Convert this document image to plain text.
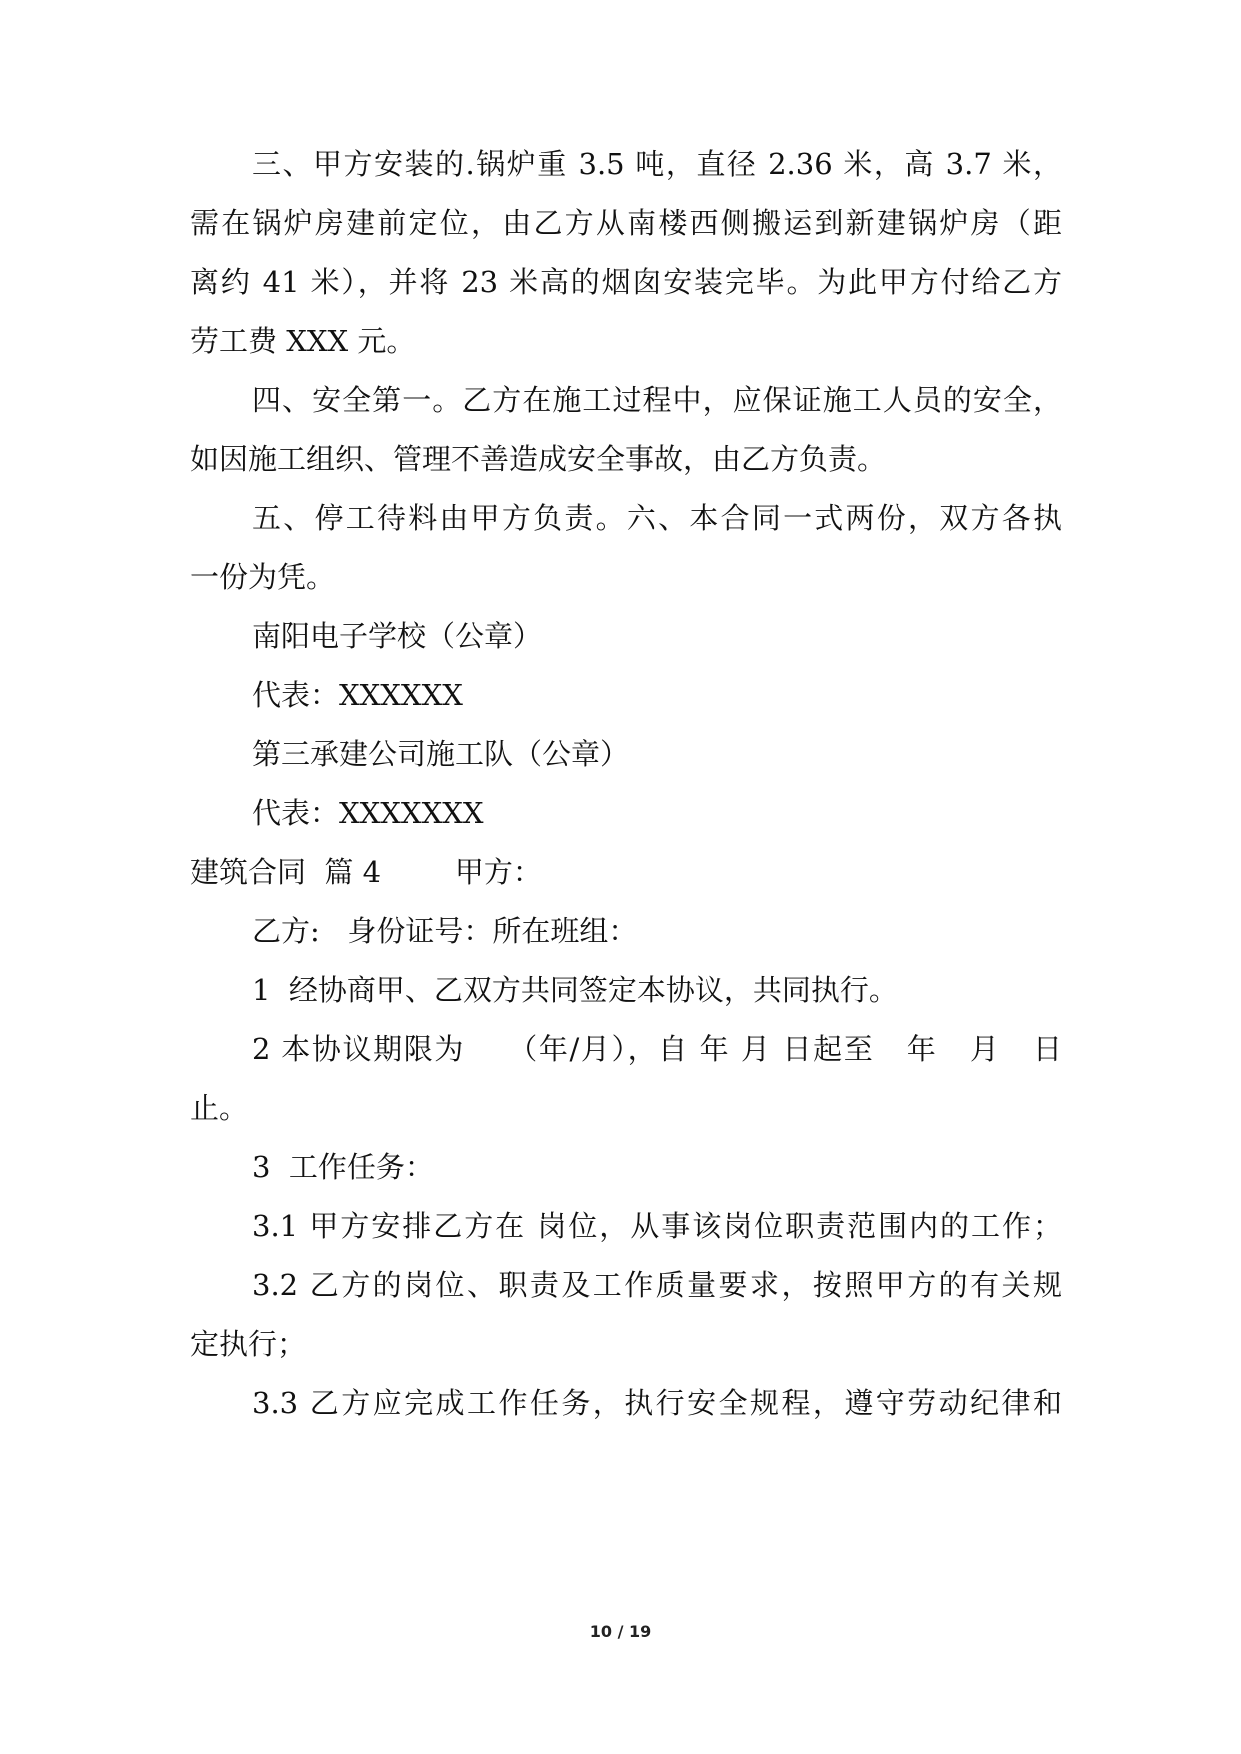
三、甲方安装的.锅炉重 3.5 吨，直径 2.36 米，高 3.7 米，
需在锅炉房建前定位，由乙方从南楼西侧搬运到新建锅炉房（距
离约 41 米），并将 23 米高的烟囱安装完毕。为此甲方付给乙方
劳工费 XXX 元。
四、安全第一。乙方在施工过程中，应保证施工人员的安全，
如因施工组织、管理不善造成安全事故，由乙方负责。
五、停工待料由甲方负责。六、本合同一式两份，双方各执
一份为凭。
南阳电子学校（公章）
代表：XXXXXX
第三承建公司施工队（公章）
代表：XXXXXXX
建筑合同  篇 4        甲方：
乙方:   身份证号：所在班组：
1  经协商甲、乙双方共同签定本协议，共同执行。
2 本协议期限为    （年/月），自 年 月 日起至   年   月   日
止。
3  工作任务：
3.1 甲方安排乙方在 岗位，从事该岗位职责范围内的工作；
3.2 乙方的岗位、职责及工作质量要求，按照甲方的有关规
定执行；
3.3 乙方应完成工作任务，执行安全规程，遵守劳动纪律和
10 / 19
